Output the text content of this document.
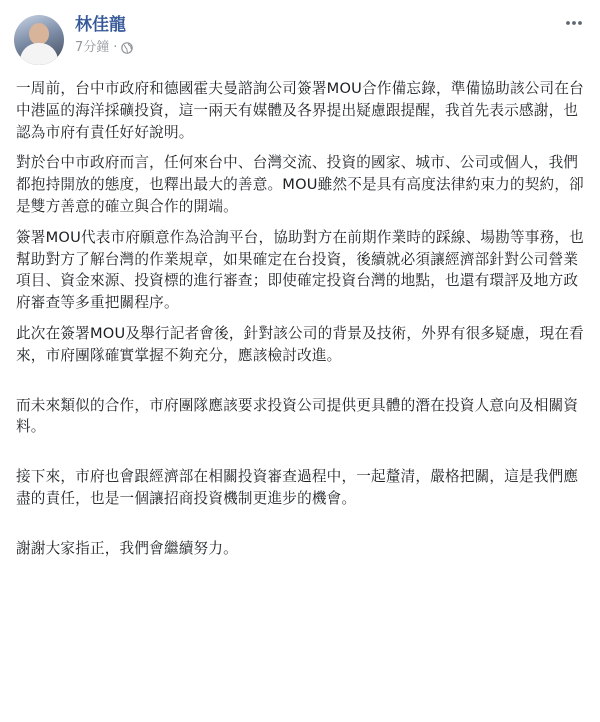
林佳龍
7分鐘 ·

一周前，台中市政府和德國霍夫曼諮詢公司簽署MOU合作備忘錄，準備協助該公司在台中港區的海洋採礦投資，這一兩天有媒體及各界提出疑慮跟提醒，我首先表示感謝，也認為市府有責任好好說明。

對於台中市政府而言，任何來台中、台灣交流、投資的國家、城市、公司或個人，我們都抱持開放的態度，也釋出最大的善意。MOU雖然不是具有高度法律約束力的契約，卻是雙方善意的確立與合作的開端。

簽署MOU代表市府願意作為洽詢平台，協助對方在前期作業時的踩線、場勘等事務，也幫助對方了解台灣的作業規章，如果確定在台投資，後續就必須讓經濟部針對公司營業項目、資金來源、投資標的進行審查；即使確定投資台灣的地點，也還有環評及地方政府審查等多重把關程序。

此次在簽署MOU及舉行記者會後，針對該公司的背景及技術，外界有很多疑慮，現在看來，市府團隊確實掌握不夠充分，應該檢討改進。

而未來類似的合作，市府團隊應該要求投資公司提供更具體的潛在投資人意向及相關資料。

接下來，市府也會跟經濟部在相關投資審查過程中，一起釐清，嚴格把關，這是我們應盡的責任，也是一個讓招商投資機制更進步的機會。

謝謝大家指正，我們會繼續努力。
